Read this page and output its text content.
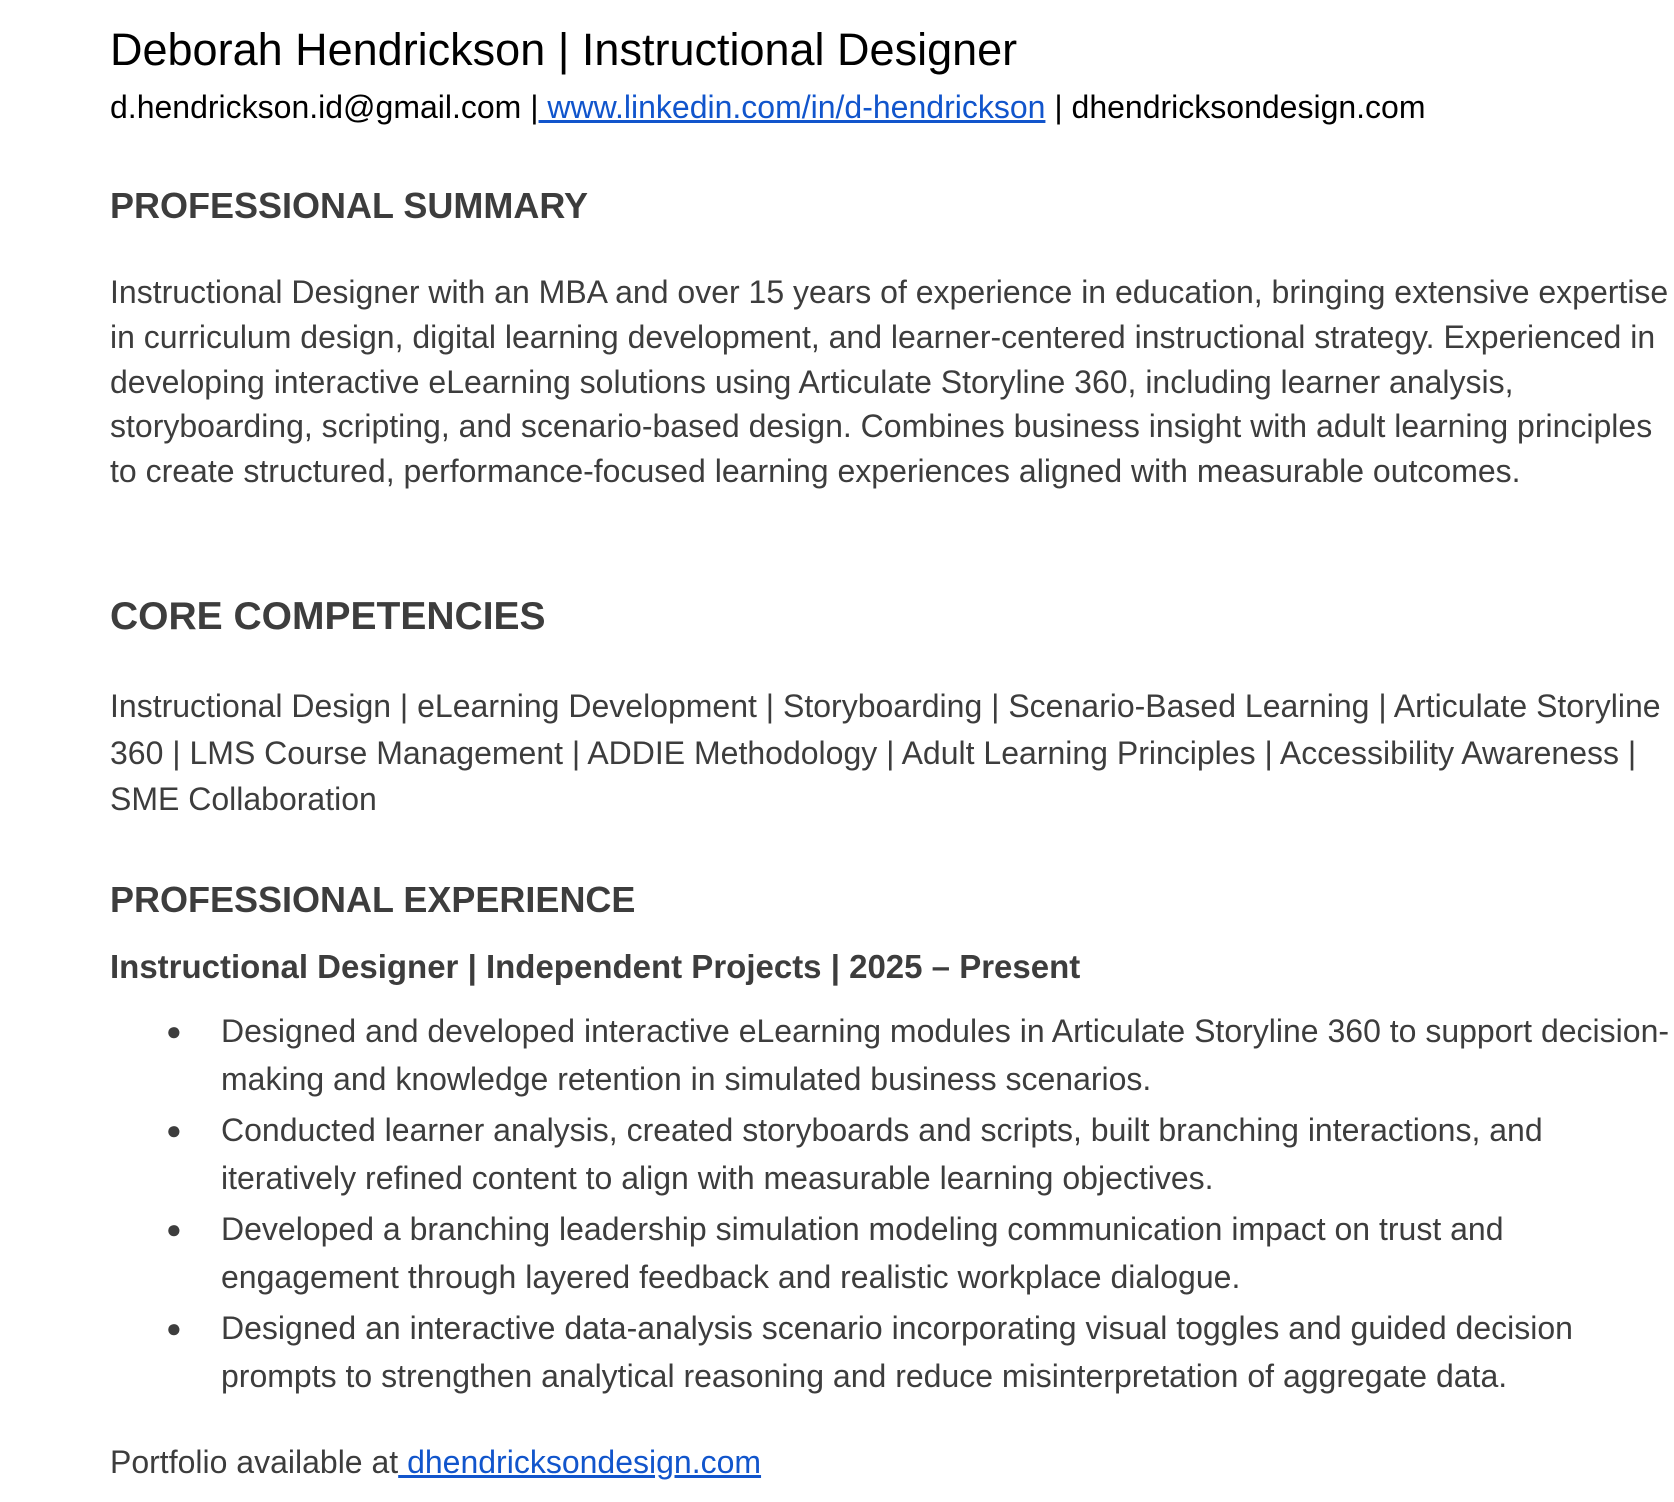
Deborah Hendrickson | Instructional Designer
d.hendrickson.id@gmail.com | www.linkedin.com/in/d-hendrickson | dhendricksondesign.com
PROFESSIONAL SUMMARY
Instructional Designer with an MBA and over 15 years of experience in education, bringing extensive expertise in curriculum design, digital learning development, and learner-centered instructional strategy. Experienced in developing interactive eLearning solutions using Articulate Storyline 360, including learner analysis, storyboarding, scripting, and scenario-based design. Combines business insight with adult learning principles to create structured, performance-focused learning experiences aligned with measurable outcomes.
CORE COMPETENCIES
Instructional Design | eLearning Development | Storyboarding | Scenario-Based Learning | Articulate Storyline 360 | LMS Course Management | ADDIE Methodology | Adult Learning Principles | Accessibility Awareness | SME Collaboration
PROFESSIONAL EXPERIENCE
Instructional Designer | Independent Projects | 2025 – Present
● Designed and developed interactive eLearning modules in Articulate Storyline 360 to support decision-making and knowledge retention in simulated business scenarios.
● Conducted learner analysis, created storyboards and scripts, built branching interactions, and iteratively refined content to align with measurable learning objectives.
● Developed a branching leadership simulation modeling communication impact on trust and engagement through layered feedback and realistic workplace dialogue.
● Designed an interactive data-analysis scenario incorporating visual toggles and guided decision prompts to strengthen analytical reasoning and reduce misinterpretation of aggregate data.
Portfolio available at dhendricksondesign.com
